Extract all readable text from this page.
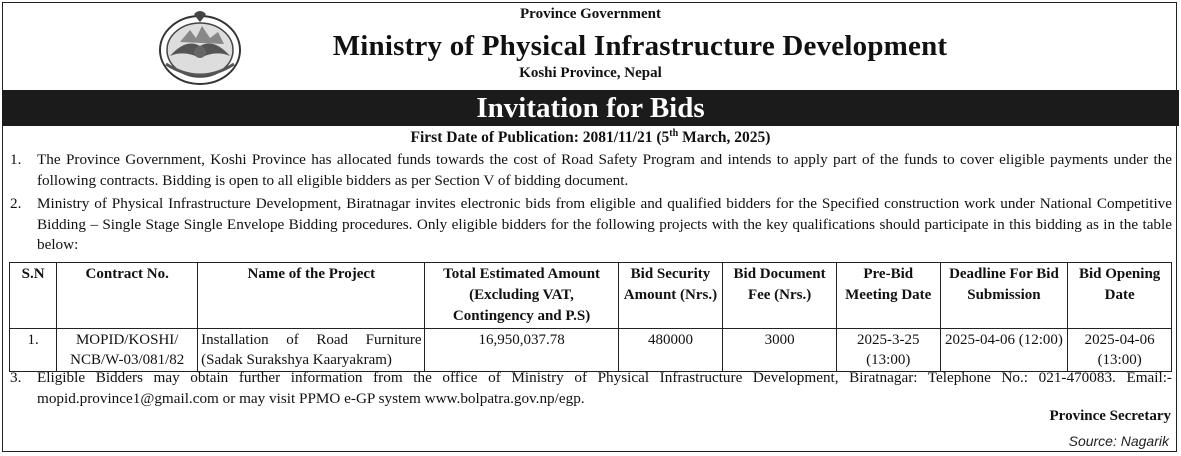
Province Government
Ministry of Physical Infrastructure Development
Koshi Province, Nepal
Invitation for Bids
First Date of Publication: 2081/11/21 (5th March, 2025)
1. The Province Government, Koshi Province has allocated funds towards the cost of Road Safety Program and intends to apply part of the funds to cover eligible payments under the following contracts. Bidding is open to all eligible bidders as per Section V of bidding document.
2. Ministry of Physical Infrastructure Development, Biratnagar invites electronic bids from eligible and qualified bidders for the Specified construction work under National Competitive Bidding – Single Stage Single Envelope Bidding procedures. Only eligible bidders for the following projects with the key qualifications should participate in this bidding as in the table below:
S.N	Contract No.	Name of the Project	Total Estimated Amount (Excluding VAT, Contingency and P.S)	Bid Security Amount (Nrs.)	Bid Document Fee (Nrs.)	Pre-Bid Meeting Date	Deadline For Bid Submission	Bid Opening Date
1.	MOPID/KOSHI/ NCB/W-03/081/82	Installation of Road Furniture (Sadak Surakshya Kaaryakram)	16,950,037.78	480000	3000	2025-3-25 (13:00)	2025-04-06 (12:00)	2025-04-06 (13:00)
3. Eligible Bidders may obtain further information from the office of Ministry of Physical Infrastructure Development, Biratnagar: Telephone No.: 021-470083. Email:-mopid.province1@gmail.com or may visit PPMO e-GP system www.bolpatra.gov.np/egp.
Province Secretary
Source: Nagarik
